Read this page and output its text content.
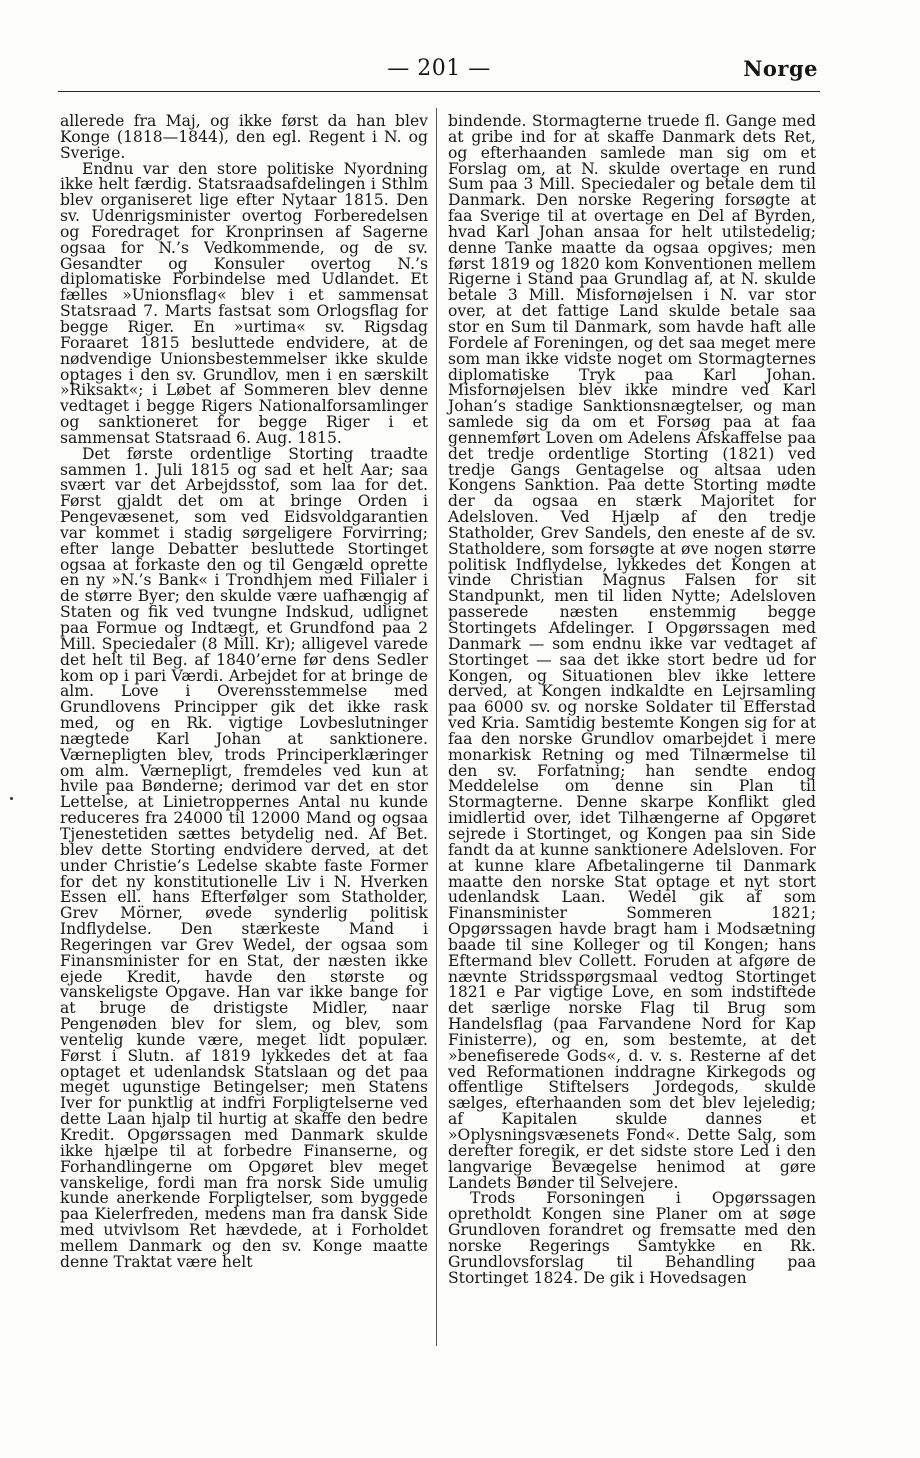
— 201 —	Norge

allerede fra Maj, og ikke først da han blev Konge (1818—1844), den egl. Regent i N. og Sverige.

Endnu var den store politiske Nyordning ikke helt færdig. Statsraadsafdelingen i Sthlm blev organiseret lige efter Nytaar 1815. Den sv. Udenrigsminister overtog Forberedelsen og Foredraget for Kronprinsen af Sagerne ogsaa for N.’s Vedkommende, og de sv. Gesandter og Konsuler overtog N.’s diplomatiske Forbindelse med Udlandet. Et fælles »Unionsflag« blev i et sammensat Statsraad 7. Marts fastsat som Orlogsflag for begge Riger. En »urtima« sv. Rigsdag Foraaret 1815 besluttede endvidere, at de nødvendige Unionsbestemmelser ikke skulde optages i den sv. Grundlov, men i en særskilt »Riksakt«; i Løbet af Sommeren blev denne vedtaget i begge Rigers Nationalforsamlinger og sanktioneret for begge Riger i et sammensat Statsraad 6. Aug. 1815.

Det første ordentlige Storting traadte sammen 1. Juli 1815 og sad et helt Aar; saa svært var det Arbejdsstof, som laa for det. Først gjaldt det om at bringe Orden i Pengevæsenet, som ved Eidsvoldgarantien var kommet i stadig sørgeligere Forvirring; efter lange Debatter besluttede Stortinget ogsaa at forkaste den og til Gengæld oprette en ny »N.’s Bank« i Trondhjem med Filialer i de større Byer; den skulde være uafhængig af Staten og fik ved tvungne Indskud, udlignet paa Formue og Indtægt, et Grundfond paa 2 Mill. Speciedaler (8 Mill. Kr); alligevel varede det helt til Beg. af 1840’erne før dens Sedler kom op i pari Værdi. Arbejdet for at bringe de alm. Love i Overensstemmelse med Grundlovens Principper gik det ikke rask med, og en Rk. vigtige Lovbeslutninger nægtede Karl Johan at sanktionere. Værnepligten blev, trods Principerklæringer om alm. Værnepligt, fremdeles ved kun at hvile paa Bønderne; derimod var det en stor Lettelse, at Linietroppernes Antal nu kunde reduceres fra 24000 til 12000 Mand og ogsaa Tjenestetiden sættes betydelig ned. Af Bet. blev dette Storting endvidere derved, at det under Christie’s Ledelse skabte faste Former for det ny konstitutionelle Liv i N. Hverken Essen ell. hans Efterfølger som Statholder, Grev Mörner, øvede synderlig politisk Indflydelse. Den stærkeste Mand i Regeringen var Grev Wedel, der ogsaa som Finansminister for en Stat, der næsten ikke ejede Kredit, havde den største og vanskeligste Opgave. Han var ikke bange for at bruge de dristigste Midler, naar Pengenøden blev for slem, og blev, som ventelig kunde være, meget lidt populær. Først i Slutn. af 1819 lykkedes det at faa optaget et udenlandsk Statslaan og det paa meget ugunstige Betingelser; men Statens Iver for punktlig at indfri Forpligtelserne ved dette Laan hjalp til hurtig at skaffe den bedre Kredit. Opgørssagen med Danmark skulde ikke hjælpe til at forbedre Finanserne, og Forhandlingerne om Opgøret blev meget vanskelige, fordi man fra norsk Side umulig kunde anerkende Forpligtelser, som byggede paa Kielerfreden, medens man fra dansk Side med utvivlsom Ret hævdede, at i Forholdet mellem Danmark og den sv. Konge maatte denne Traktat være helt

bindende. Stormagterne truede fl. Gange med at gribe ind for at skaffe Danmark dets Ret, og efterhaanden samlede man sig om et Forslag om, at N. skulde overtage en rund Sum paa 3 Mill. Speciedaler og betale dem til Danmark. Den norske Regering forsøgte at faa Sverige til at overtage en Del af Byrden, hvad Karl Johan ansaa for helt utilstedelig; denne Tanke maatte da ogsaa opgives; men først 1819 og 1820 kom Konventionen mellem Rigerne i Stand paa Grundlag af, at N. skulde betale 3 Mill. Misfornøjelsen i N. var stor over, at det fattige Land skulde betale saa stor en Sum til Danmark, som havde haft alle Fordele af Foreningen, og det saa meget mere som man ikke vidste noget om Stormagternes diplomatiske Tryk paa Karl Johan. Misfornøjelsen blev ikke mindre ved Karl Johan’s stadige Sanktionsnægtelser, og man samlede sig da om et Forsøg paa at faa gennemført Loven om Adelens Afskaffelse paa det tredje ordentlige Storting (1821) ved tredje Gangs Gentagelse og altsaa uden Kongens Sanktion. Paa dette Storting mødte der da ogsaa en stærk Majoritet for Adelsloven. Ved Hjælp af den tredje Statholder, Grev Sandels, den eneste af de sv. Statholdere, som forsøgte at øve nogen større politisk Indflydelse, lykkedes det Kongen at vinde Christian Magnus Falsen for sit Standpunkt, men til liden Nytte; Adelsloven passerede næsten enstemmig begge Stortingets Afdelinger. I Opgørssagen med Danmark — som endnu ikke var vedtaget af Stortinget — saa det ikke stort bedre ud for Kongen, og Situationen blev ikke lettere derved, at Kongen indkaldte en Lejrsamling paa 6000 sv. og norske Soldater til Efferstad ved Kria. Samtidig bestemte Kongen sig for at faa den norske Grundlov omarbejdet i mere monarkisk Retning og med Tilnærmelse til den sv. Forfatning; han sendte endog Meddelelse om denne sin Plan til Stormagterne. Denne skarpe Konflikt gled imidlertid over, idet Tilhængerne af Opgøret sejrede i Stortinget, og Kongen paa sin Side fandt da at kunne sanktionere Adelsloven. For at kunne klare Afbetalingerne til Danmark maatte den norske Stat optage et nyt stort udenlandsk Laan. Wedel gik af som Finansminister Sommeren 1821; Opgørssagen havde bragt ham i Modsætning baade til sine Kolleger og til Kongen; hans Eftermand blev Collett. Foruden at afgøre de nævnte Stridsspørgsmaal vedtog Stortinget 1821 e Par vigtige Love, en som indstiftede det særlige norske Flag til Brug som Handelsflag (paa Farvandene Nord for Kap Finisterre), og en, som bestemte, at det »benefiserede Gods«, d. v. s. Resterne af det ved Reformationen inddragne Kirkegods og offentlige Stiftelsers Jordegods, skulde sælges, efterhaanden som det blev lejeledig; af Kapitalen skulde dannes et »Oplysningsvæsenets Fond«. Dette Salg, som derefter foregik, er det sidste store Led i den langvarige Bevægelse henimod at gøre Landets Bønder til Selvejere.

Trods Forsoningen i Opgørssagen opretholdt Kongen sine Planer om at søge Grundloven forandret og fremsatte med den norske Regerings Samtykke en Rk. Grundlovsforslag til Behandling paa Stortinget 1824. De gik i Hovedsagen
